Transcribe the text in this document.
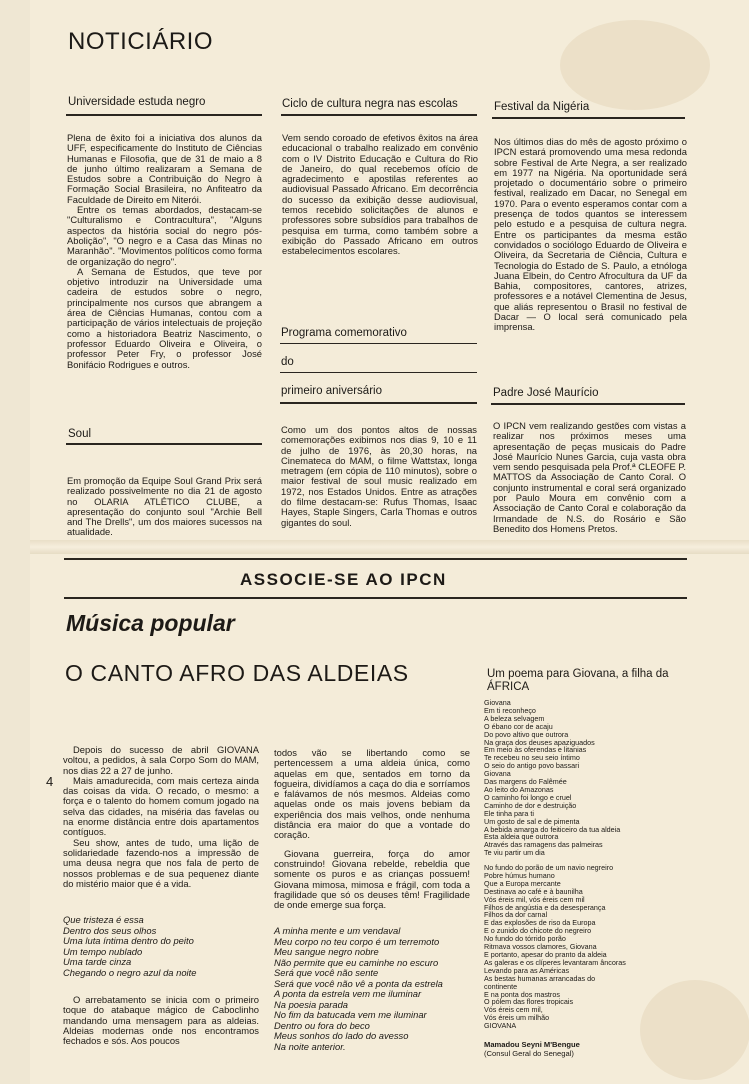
NOTICIÁRIO
Universidade estuda negro

Plena de êxito foi a iniciativa dos alunos da UFF, especificamente do Instituto de Ciências Humanas e Filosofia, que de 31 de maio a 8 de junho último realizaram a Semana de Estudos sobre a Contribuição do Negro à Formação Social Brasileira, no Anfiteatro da Faculdade de Direito em Niterói.

Entre os temas abordados, destacam-se "Culturalismo e Contracultura", "Alguns aspectos da história social do negro pós-Abolição", "O negro e a Casa das Minas no Maranhão". "Movimentos políticos como forma de organização do negro".

A Semana de Estudos, que teve por objetivo introduzir na Universidade uma cadeira de estudos sobre o negro, principalmente nos cursos que abrangem a área de Ciências Humanas, contou com a participação de vários intelectuais de projeção como a historiadora Beatriz Nascimento, o professor Eduardo Oliveira e Oliveira, o professor Peter Fry, o professor José Bonifácio Rodrigues e outros.

Soul

Em promoção da Equipe Soul Grand Prix será realizado possivelmente no dia 21 de agosto no OLARIA ATLÉTICO CLUBE, a apresentação do conjunto soul "Archie Bell and The Drells", um dos maiores sucessos na atualidade.

Ciclo de cultura negra nas escolas

Vem sendo coroado de efetivos êxitos na área educacional o trabalho realizado em convênio com o IV Distrito Educação e Cultura do Rio de Janeiro, do qual recebemos ofício de agradecimento e apostilas referentes ao audiovisual Passado Africano. Em decorrência do sucesso da exibição desse audiovisual, temos recebido solicitações de alunos e professores sobre subsídios para trabalhos de pesquisa em turma, como também sobre a exibição do Passado Africano em outros estabelecimentos escolares.

Programa comemorativo
do
primeiro aniversário

Como um dos pontos altos de nossas comemorações exibimos nos dias 9, 10 e 11 de julho de 1976, às 20,30 horas, na Cinemateca do MAM, o filme Wattstax, longa metragem (em cópia de 110 minutos), sobre o maior festival de soul music realizado em 1972, nos Estados Unidos. Entre as atrações do filme destacam-se: Rufus Thomas, Isaac Hayes, Staple Singers, Carla Thomas e outros gigantes do soul.

Festival da Nigéria

Nos últimos dias do mês de agosto próximo o IPCN estará promovendo uma mesa redonda sobre Festival de Arte Negra, a ser realizado em 1977 na Nigéria. Na oportunidade será projetado o documentário sobre o primeiro festival, realizado em Dacar, no Senegal em 1970. Para o evento esperamos contar com a presença de todos quantos se interessem pelo estudo e a pesquisa de cultura negra. Entre os participantes da mesma estão convidados o sociólogo Eduardo de Oliveira e Oliveira, da Secretaria de Ciência, Cultura e Tecnologia do Estado de S. Paulo, a etnóloga Juana Elbein, do Centro Afrocultura da UF da Bahia, compositores, cantores, atrizes, professores e a notável Clementina de Jesus, que aliás representou o Brasil no festival de Dacar — O local será comunicado pela imprensa.

Padre José Maurício

O IPCN vem realizando gestões com vistas a realizar nos próximos meses uma apresentação de peças musicais do Padre José Maurício Nunes Garcia, cuja vasta obra vem sendo pesquisada pela Prof.ª CLEOFE P. MATTOS da Associação de Canto Coral. O conjunto instrumental e coral será organizado por Paulo Moura em convênio com a Associação de Canto Coral e colaboração da Irmandade de N.S. do Rosário e São Benedito dos Homens Pretos.

ASSOCIE-SE AO IPCN
Música popular
O CANTO AFRO DAS ALDEIAS
4

Depois do sucesso de abril GIOVANA voltou, a pedidos, à sala Corpo Som do MAM, nos dias 22 a 27 de junho.

Mais amadurecida, com mais certeza ainda das coisas da vida. O recado, o mesmo: a força e o talento do homem comum jogado na selva das cidades, na miséria das favelas ou na enorme distância entre dois apartamentos contíguos.

Seu show, antes de tudo, uma lição de solidariedade fazendo-nos a impressão de uma deusa negra que nos fala de perto de nossos problemas e de sua pequenez diante do mistério maior que é a vida.

Que tristeza é essa
Dentro dos seus olhos
Uma luta íntima dentro do peito
Um tempo nublado
Uma tarde cinza
Chegando o negro azul da noite

O arrebatamento se inicia com o primeiro toque do atabaque mágico de Caboclinho mandando uma mensagem para as aldeias. Aldeias modernas onde nos encontramos fechados e sós. Aos poucos

todos vão se libertando como se pertencessem a uma aldeia única, como aquelas em que, sentados em torno da fogueira, dividíamos a caça do dia e sorríamos e falávamos de nós mesmos. Aldeias como aquelas onde os mais jovens bebiam da experiência dos mais velhos, onde nenhuma distância era maior do que a vontade do coração.

Giovana guerreira, força do amor construindo! Giovana rebelde, rebeldia que somente os puros e as crianças possuem! Giovana mimosa, mimosa e frágil, com toda a fragilidade que só os deuses têm! Fragilidade de onde emerge sua força.

A minha mente e um vendaval
Meu corpo no teu corpo é um terremoto
Meu sangue negro nobre
Não permite que eu caminhe no escuro
Será que você não sente
Será que você não vê a ponta da estrela
A ponta da estrela vem me iluminar
Na poesia parada
No fim da batucada vem me iluminar
Dentro ou fora do beco
Meus sonhos do lado do avesso
Na noite anterior.
Um poema para Giovana, a filha da ÁFRICA
Giovana
Em ti reconheço
A beleza selvagem
O ébano cor de acaju
Do povo altivo que outrora
Na graça dos deuses apaziguados
Em meio às oferendas e litanias
Te recebeu no seu seio íntimo
O seio do antigo povo bassari
Giovana
Das margens do Falêmée
Ao leito do Amazonas
O caminho foi longo e cruel
Caminho de dor e destruição
Ele tinha para ti
Um gosto de sal e de pimenta
A bebida amarga do feiticeiro da tua aldeia
Esta aldeia que outrora
Através das ramagens das palmeiras
Te viu partir um dia
No fundo do porão de um navio negreiro
Pobre húmus humano
Que a Europa mercante
Destinava ao café e à baunilha
Vós éreis mil, vós éreis cem mil
Filhos de angústia e da desesperança
Filhos da dor carnal
E das explosões de riso da Europa
E o zunido do chicote do negreiro
No fundo do tórrido porão
Ritmava vossos clamores, Giovana
E portanto, apesar do pranto da aldeia
As galeras e os clíperes levantaram âncoras
Levando para as Américas
As bestas humanas arrancadas do
continente
E na ponta dos mastros
O pólem das flores tropicais
Vós éreis cem mil,
Vós éreis um milhão
GIOVANA
Mamadou Seyni M'Bengue
(Consul Geral do Senegal)
